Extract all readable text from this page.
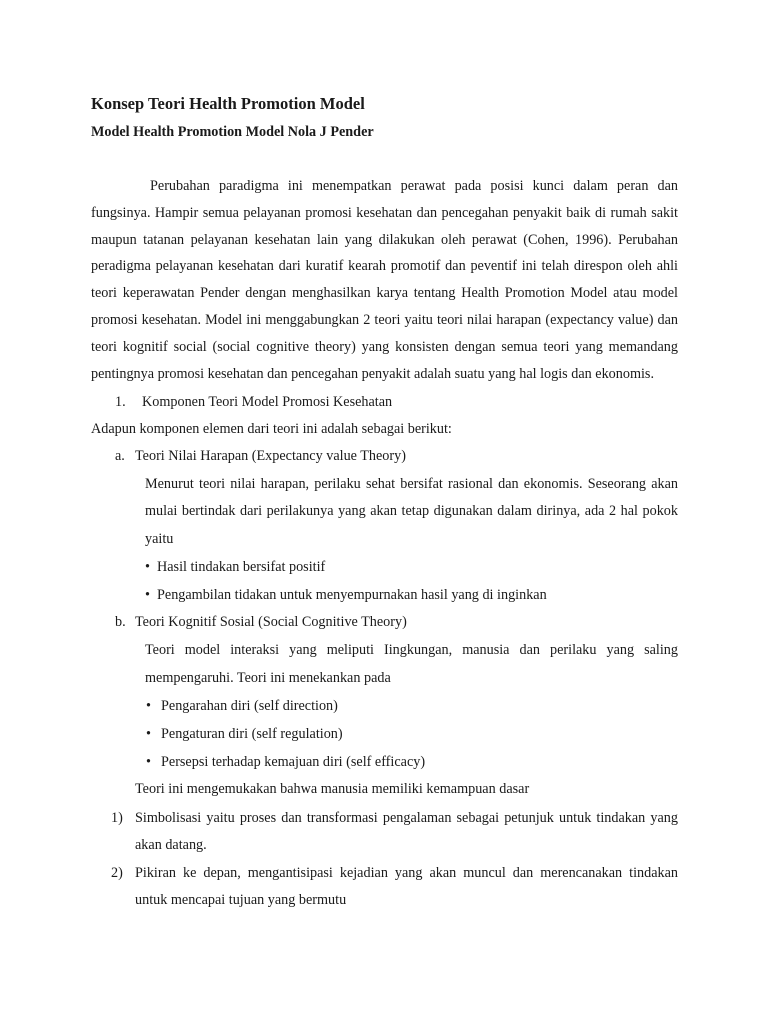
Konsep Teori Health Promotion Model
Model Health Promotion Model Nola J Pender

Perubahan paradigma ini menempatkan perawat pada posisi kunci dalam peran dan fungsinya. Hampir semua pelayanan promosi kesehatan dan pencegahan penyakit baik di rumah sakit maupun tatanan pelayanan kesehatan lain yang dilakukan oleh perawat (Cohen, 1996). Perubahan peradigma pelayanan kesehatan dari kuratif kearah promotif dan peventif ini telah direspon oleh ahli teori keperawatan Pender dengan menghasilkan karya tentang Health Promotion Model atau model promosi kesehatan. Model ini menggabungkan 2 teori yaitu teori nilai harapan (expectancy value) dan teori kognitif social (social cognitive theory) yang konsisten dengan semua teori yang memandang pentingnya promosi kesehatan dan pencegahan penyakit adalah suatu yang hal logis dan ekonomis.

1. Komponen Teori Model Promosi Kesehatan

Adapun komponen elemen dari teori ini adalah sebagai berikut:

a. Teori Nilai Harapan (Expectancy value Theory)

Menurut teori nilai harapan, perilaku sehat bersifat rasional dan ekonomis. Seseorang akan mulai bertindak dari perilakunya yang akan tetap digunakan dalam dirinya, ada 2 hal pokok yaitu

• Hasil tindakan bersifat positif
• Pengambilan tidakan untuk menyempurnakan hasil yang di inginkan
b. Teori Kognitif Sosial (Social Cognitive Theory)

Teori model interaksi yang meliputi Iingkungan, manusia dan perilaku yang saling mempengaruhi. Teori ini menekankan pada

• Pengarahan diri (self direction)
• Pengaturan diri (self regulation)
• Persepsi terhadap kemajuan diri (self efficacy)

Teori ini mengemukakan bahwa manusia memiliki kemampuan dasar

1) Simbolisasi yaitu proses dan transformasi pengalaman sebagai petunjuk untuk tindakan yang akan datang.

2) Pikiran ke depan, mengantisipasi kejadian yang akan muncul dan merencanakan tindakan untuk mencapai tujuan yang bermutu
